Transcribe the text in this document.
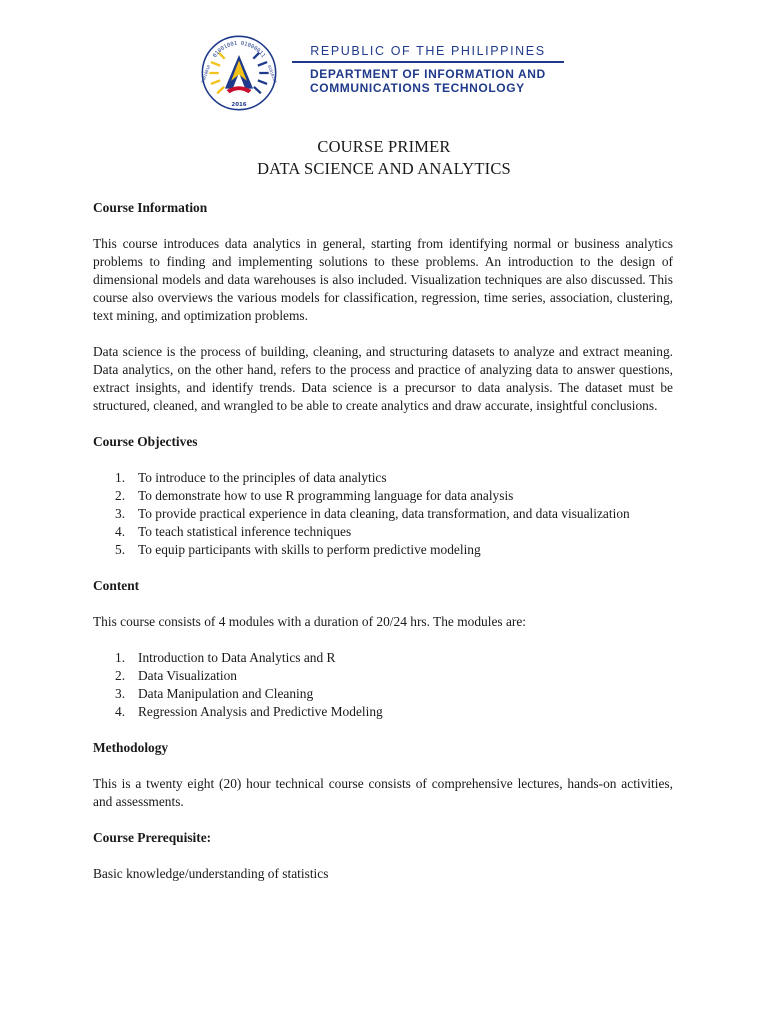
01001001 01000011
01010010	01010100
2016
REPUBLIC OF THE PHILIPPINES
DEPARTMENT OF INFORMATION AND
COMMUNICATIONS TECHNOLOGY
COURSE PRIMER
DATA SCIENCE AND ANALYTICS
Course Information

This course introduces data analytics in general, starting from identifying normal or business analytics problems to finding and implementing solutions to these problems. An introduction to the design of dimensional models and data warehouses is also included. Visualization techniques are also discussed. This course also overviews the various models for classification, regression, time series, association, clustering, text mining, and optimization problems.

Data science is the process of building, cleaning, and structuring datasets to analyze and extract meaning. Data analytics, on the other hand, refers to the process and practice of analyzing data to answer questions, extract insights, and identify trends. Data science is a precursor to data analysis. The dataset must be structured, cleaned, and wrangled to be able to create analytics and draw accurate, insightful conclusions.

Course Objectives
1. To introduce to the principles of data analytics
2. To demonstrate how to use R programming language for data analysis
3. To provide practical experience in data cleaning, data transformation, and data visualization
4. To teach statistical inference techniques
5. To equip participants with skills to perform predictive modeling
Content

This course consists of 4 modules with a duration of 20/24 hrs. The modules are:

1. Introduction to Data Analytics and R
2. Data Visualization
3. Data Manipulation and Cleaning
4. Regression Analysis and Predictive Modeling
Methodology

This is a twenty eight (20) hour technical course consists of comprehensive lectures, hands-on activities, and assessments.

Course Prerequisite:

Basic knowledge/understanding of statistics
